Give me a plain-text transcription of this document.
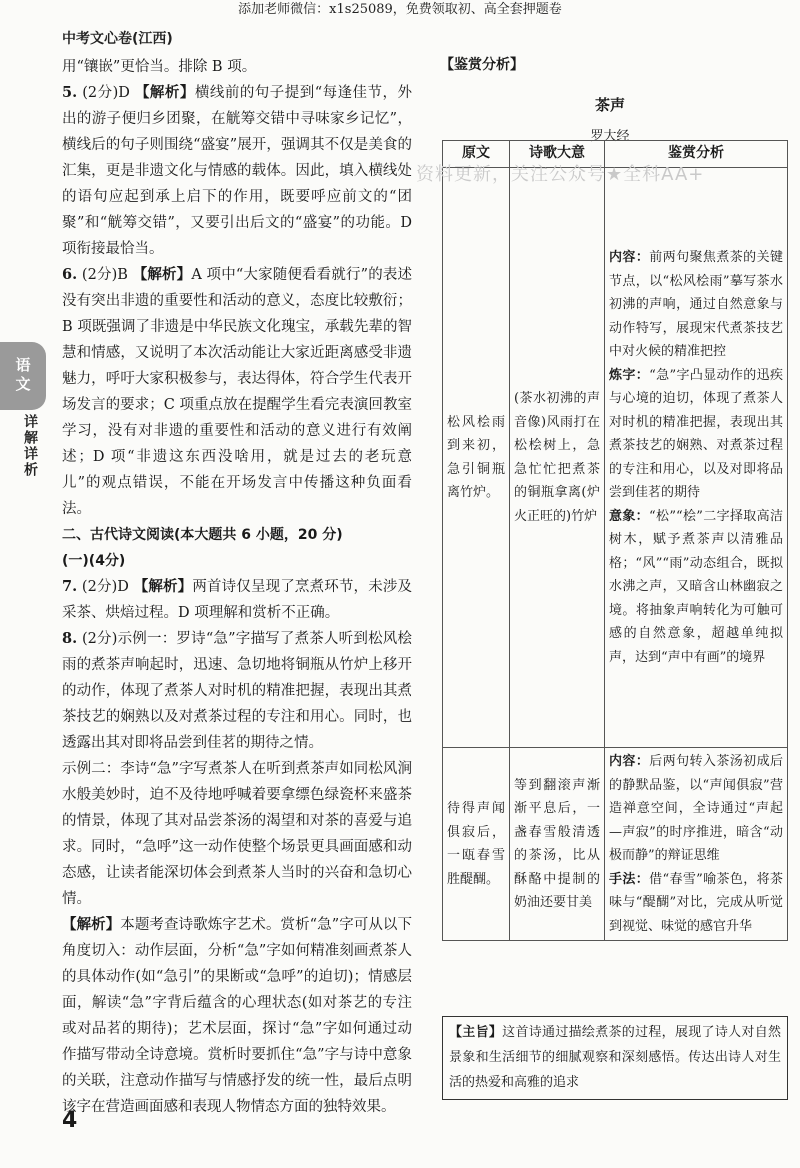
添加老师微信：x1s25089，免费领取初、高全套押题卷
中考文心卷(江西)
语文
详解详析

用“镶嵌”更恰当。排除 B 项。

5. (2分)D 【解析】横线前的句子提到“每逢佳节，外出的游子便归乡团聚，在觥筹交错中寻味家乡记忆”，横线后的句子则围绕“盛宴”展开，强调其不仅是美食的汇集，更是非遗文化与情感的载体。因此，填入横线处的语句应起到承上启下的作用，既要呼应前文的“团聚”和“觥筹交错”，又要引出后文的“盛宴”的功能。D 项衔接最恰当。

6. (2分)B 【解析】A 项中“大家随便看看就行”的表述没有突出非遗的重要性和活动的意义，态度比较敷衍；B 项既强调了非遗是中华民族文化瑰宝，承载先辈的智慧和情感，又说明了本次活动能让大家近距离感受非遗魅力，呼吁大家积极参与，表达得体，符合学生代表开场发言的要求；C 项重点放在提醒学生看完表演回教室学习，没有对非遗的重要性和活动的意义进行有效阐述；D 项“非遗这东西没啥用，就是过去的老玩意儿”的观点错误，不能在开场发言中传播这种负面看法。

二、古代诗文阅读(本大题共 6 小题，20 分)

(一)(4分)

7. (2分)D 【解析】两首诗仅呈现了烹煮环节，未涉及采茶、烘焙过程。D 项理解和赏析不正确。

8. (2分)示例一：罗诗“急”字描写了煮茶人听到松风桧雨的煮茶声响起时，迅速、急切地将铜瓶从竹炉上移开的动作，体现了煮茶人对时机的精准把握，表现出其煮茶技艺的娴熟以及对煮茶过程的专注和用心。同时，也透露出其对即将品尝到佳茗的期待之情。

示例二：李诗“急”字写煮茶人在听到煮茶声如同松风涧水般美妙时，迫不及待地呼喊着要拿缥色绿瓷杯来盛茶的情景，体现了其对品尝茶汤的渴望和对茶的喜爱与追求。同时，“急呼”这一动作使整个场景更具画面感和动态感，让读者能深切体会到煮茶人当时的兴奋和急切心情。

【解析】本题考查诗歌炼字艺术。赏析“急”字可从以下角度切入：动作层面，分析“急”字如何精准刻画煮茶人的具体动作(如“急引”的果断或“急呼”的迫切)；情感层面，解读“急”字背后蕴含的心理状态(如对茶艺的专注或对品茗的期待)；艺术层面，探讨“急”字如何通过动作描写带动全诗意境。赏析时要抓住“急”字与诗中意象的关联，注意动作描写与情感抒发的统一性，最后点明该字在营造画面感和表现人物情态方面的独特效果。

【鉴赏分析】
茶声
罗大经
原文	诗歌大意	鉴赏分析
松风桧雨到来初，急引铜瓶离竹炉。	(茶水初沸的声音像)风雨打在松桧树上，急急忙忙把煮茶的铜瓶拿离(炉火正旺的)竹炉	内容：前两句聚焦煮茶的关键节点，以“松风桧雨”摹写茶水初沸的声响，通过自然意象与动作特写，展现宋代煮茶技艺中对火候的精准把控
炼字：“急”字凸显动作的迅疾与心境的迫切，体现了煮茶人对时机的精准把握，表现出其煮茶技艺的娴熟、对煮茶过程的专注和用心，以及对即将品尝到佳茗的期待
意象：“松”“桧”二字择取高洁树木，赋予煮茶声以清雅品格；“风”“雨”动态组合，既拟水沸之声，又暗含山林幽寂之境。将抽象声响转化为可触可感的自然意象，超越单纯拟声，达到“声中有画”的境界
待得声闻俱寂后，一瓯春雪胜醍醐。	等到翻滚声渐渐平息后，一盏春雪般清透的茶汤，比从酥酪中提制的奶油还要甘美	内容：后两句转入茶汤初成后的静默品鉴，以“声闻俱寂”营造禅意空间，全诗通过“声起—声寂”的时序推进，暗含“动极而静”的辩证思维
手法：借“春雪”喻茶色，将茶味与“醍醐”对比，完成从听觉到视觉、味觉的感官升华
资料更新，关注公众号★全科AA+
【主旨】这首诗通过描绘煮茶的过程，展现了诗人对自然景象和生活细节的细腻观察和深刻感悟。传达出诗人对生活的热爱和高雅的追求
4
